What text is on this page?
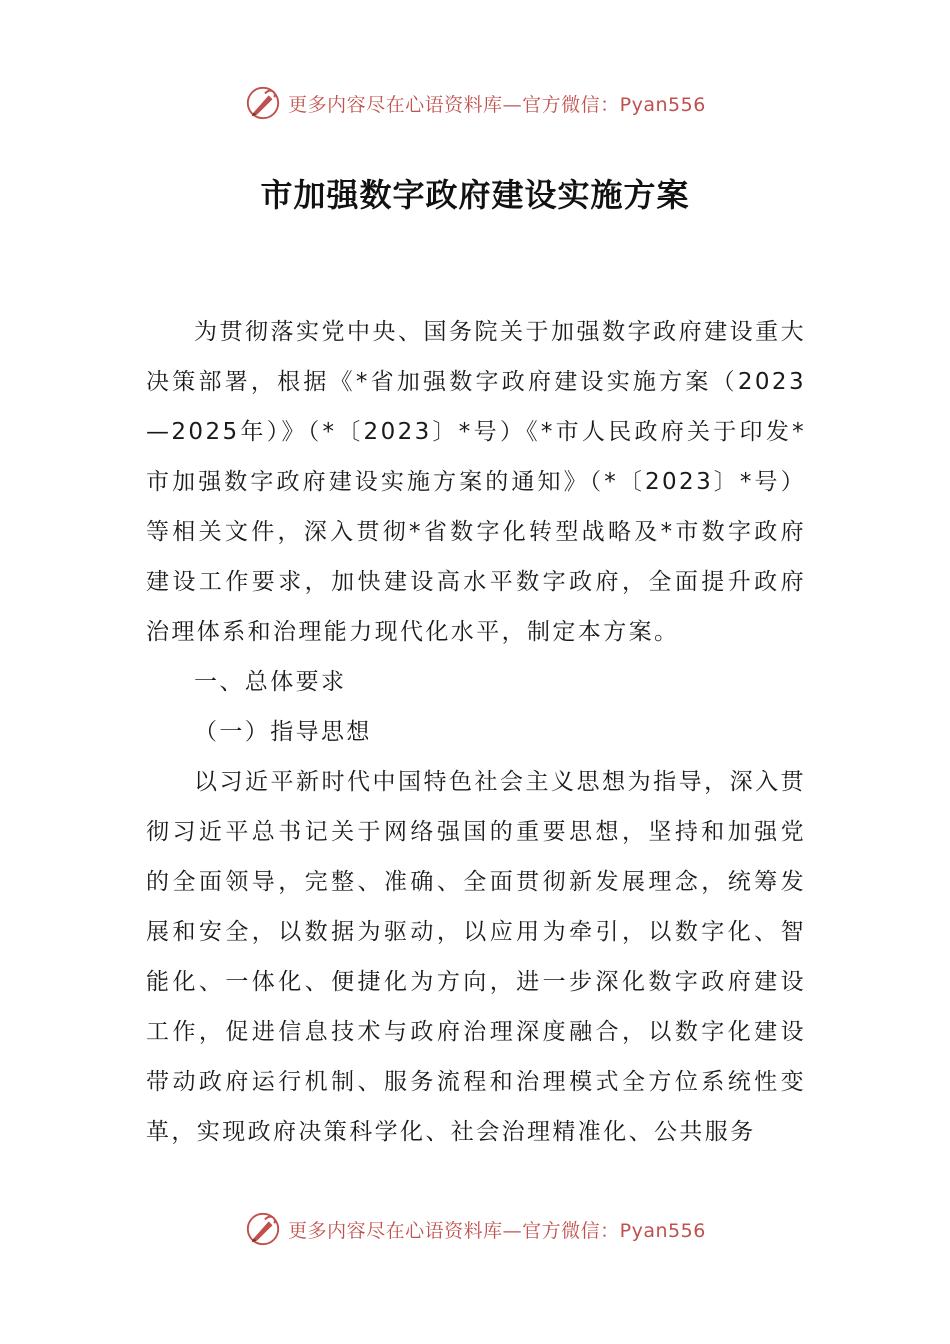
更多内容尽在心语资料库—官方微信：Pyan556
市加强数字政府建设实施方案

为贯彻落实党中央、国务院关于加强数字政府建设重大决策部署，根据《*省加强数字政府建设实施方案（2023—2025年）》（*〔2023〕*号）《*市人民政府关于印发*市加强数字政府建设实施方案的通知》（*〔2023〕*号）等相关文件，深入贯彻*省数字化转型战略及*市数字政府建设工作要求，加快建设高水平数字政府，全面提升政府治理体系和治理能力现代化水平，制定本方案。

一、总体要求

（一）指导思想

以习近平新时代中国特色社会主义思想为指导，深入贯彻习近平总书记关于网络强国的重要思想，坚持和加强党的全面领导，完整、准确、全面贯彻新发展理念，统筹发展和安全，以数据为驱动，以应用为牵引，以数字化、智能化、一体化、便捷化为方向，进一步深化数字政府建设工作，促进信息技术与政府治理深度融合，以数字化建设带动政府运行机制、服务流程和治理模式全方位系统性变革，实现政府决策科学化、社会治理精准化、公共服务

更多内容尽在心语资料库—官方微信：Pyan556
